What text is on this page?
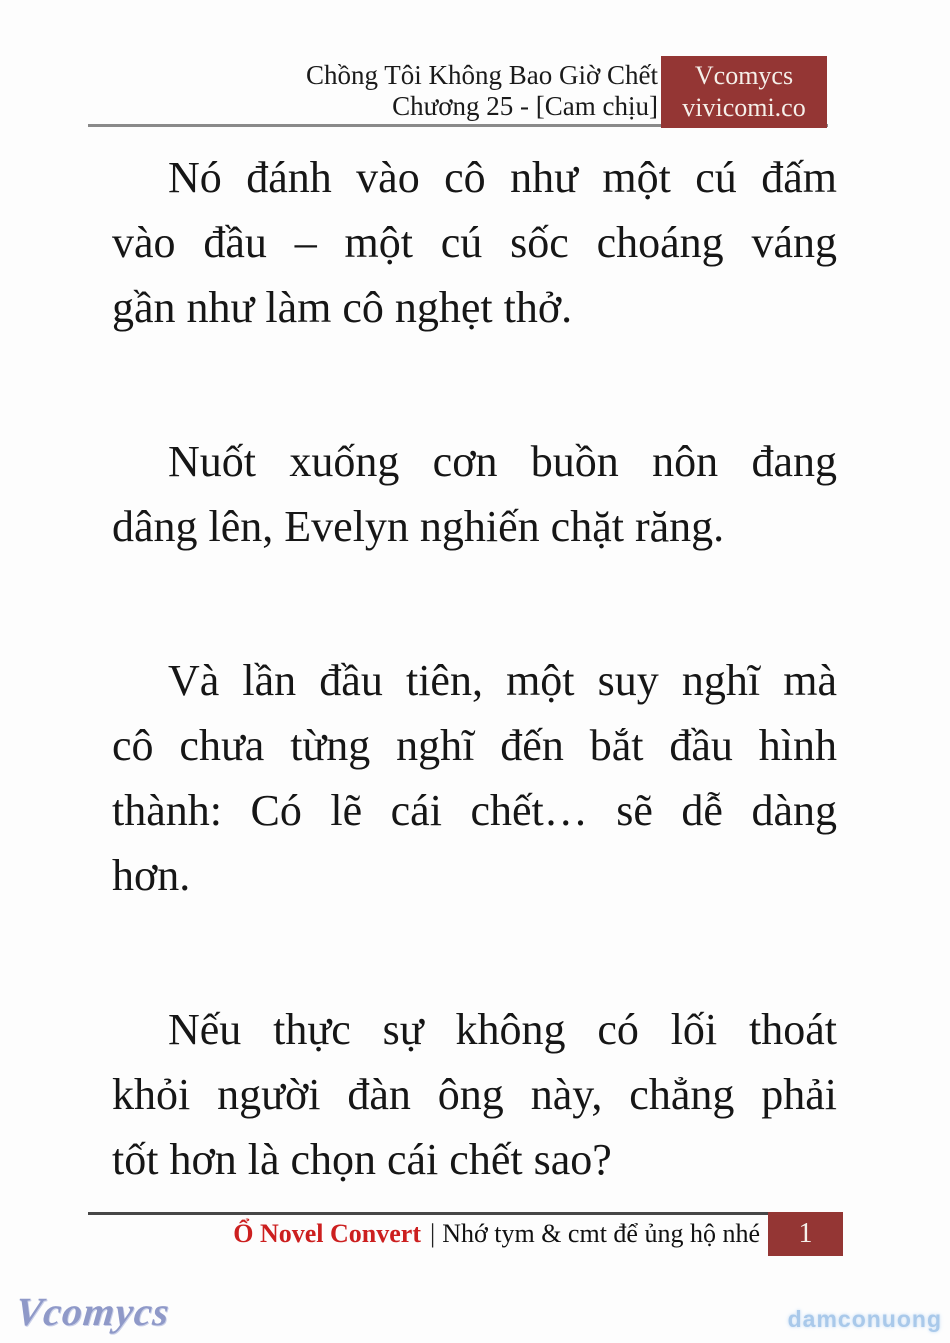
Chồng Tôi Không Bao Giờ Chết
Chương 25 - [Cam chịu]
Vcomycs
vivicomi.co
Nó đánh vào cô như một cú đấm
vào đầu – một cú sốc choáng váng
gần như làm cô nghẹt thở.
Nuốt xuống cơn buồn nôn đang
dâng lên, Evelyn nghiến chặt răng.
Và lần đầu tiên, một suy nghĩ mà
cô chưa từng nghĩ đến bắt đầu hình
thành: Có lẽ cái chết… sẽ dễ dàng
hơn.
Nếu thực sự không có lối thoát
khỏi người đàn ông này, chẳng phải
tốt hơn là chọn cái chết sao?
Ổ Novel Convert | Nhớ tym & cmt để ủng hộ nhé 1
Vcomycs	damconuong
